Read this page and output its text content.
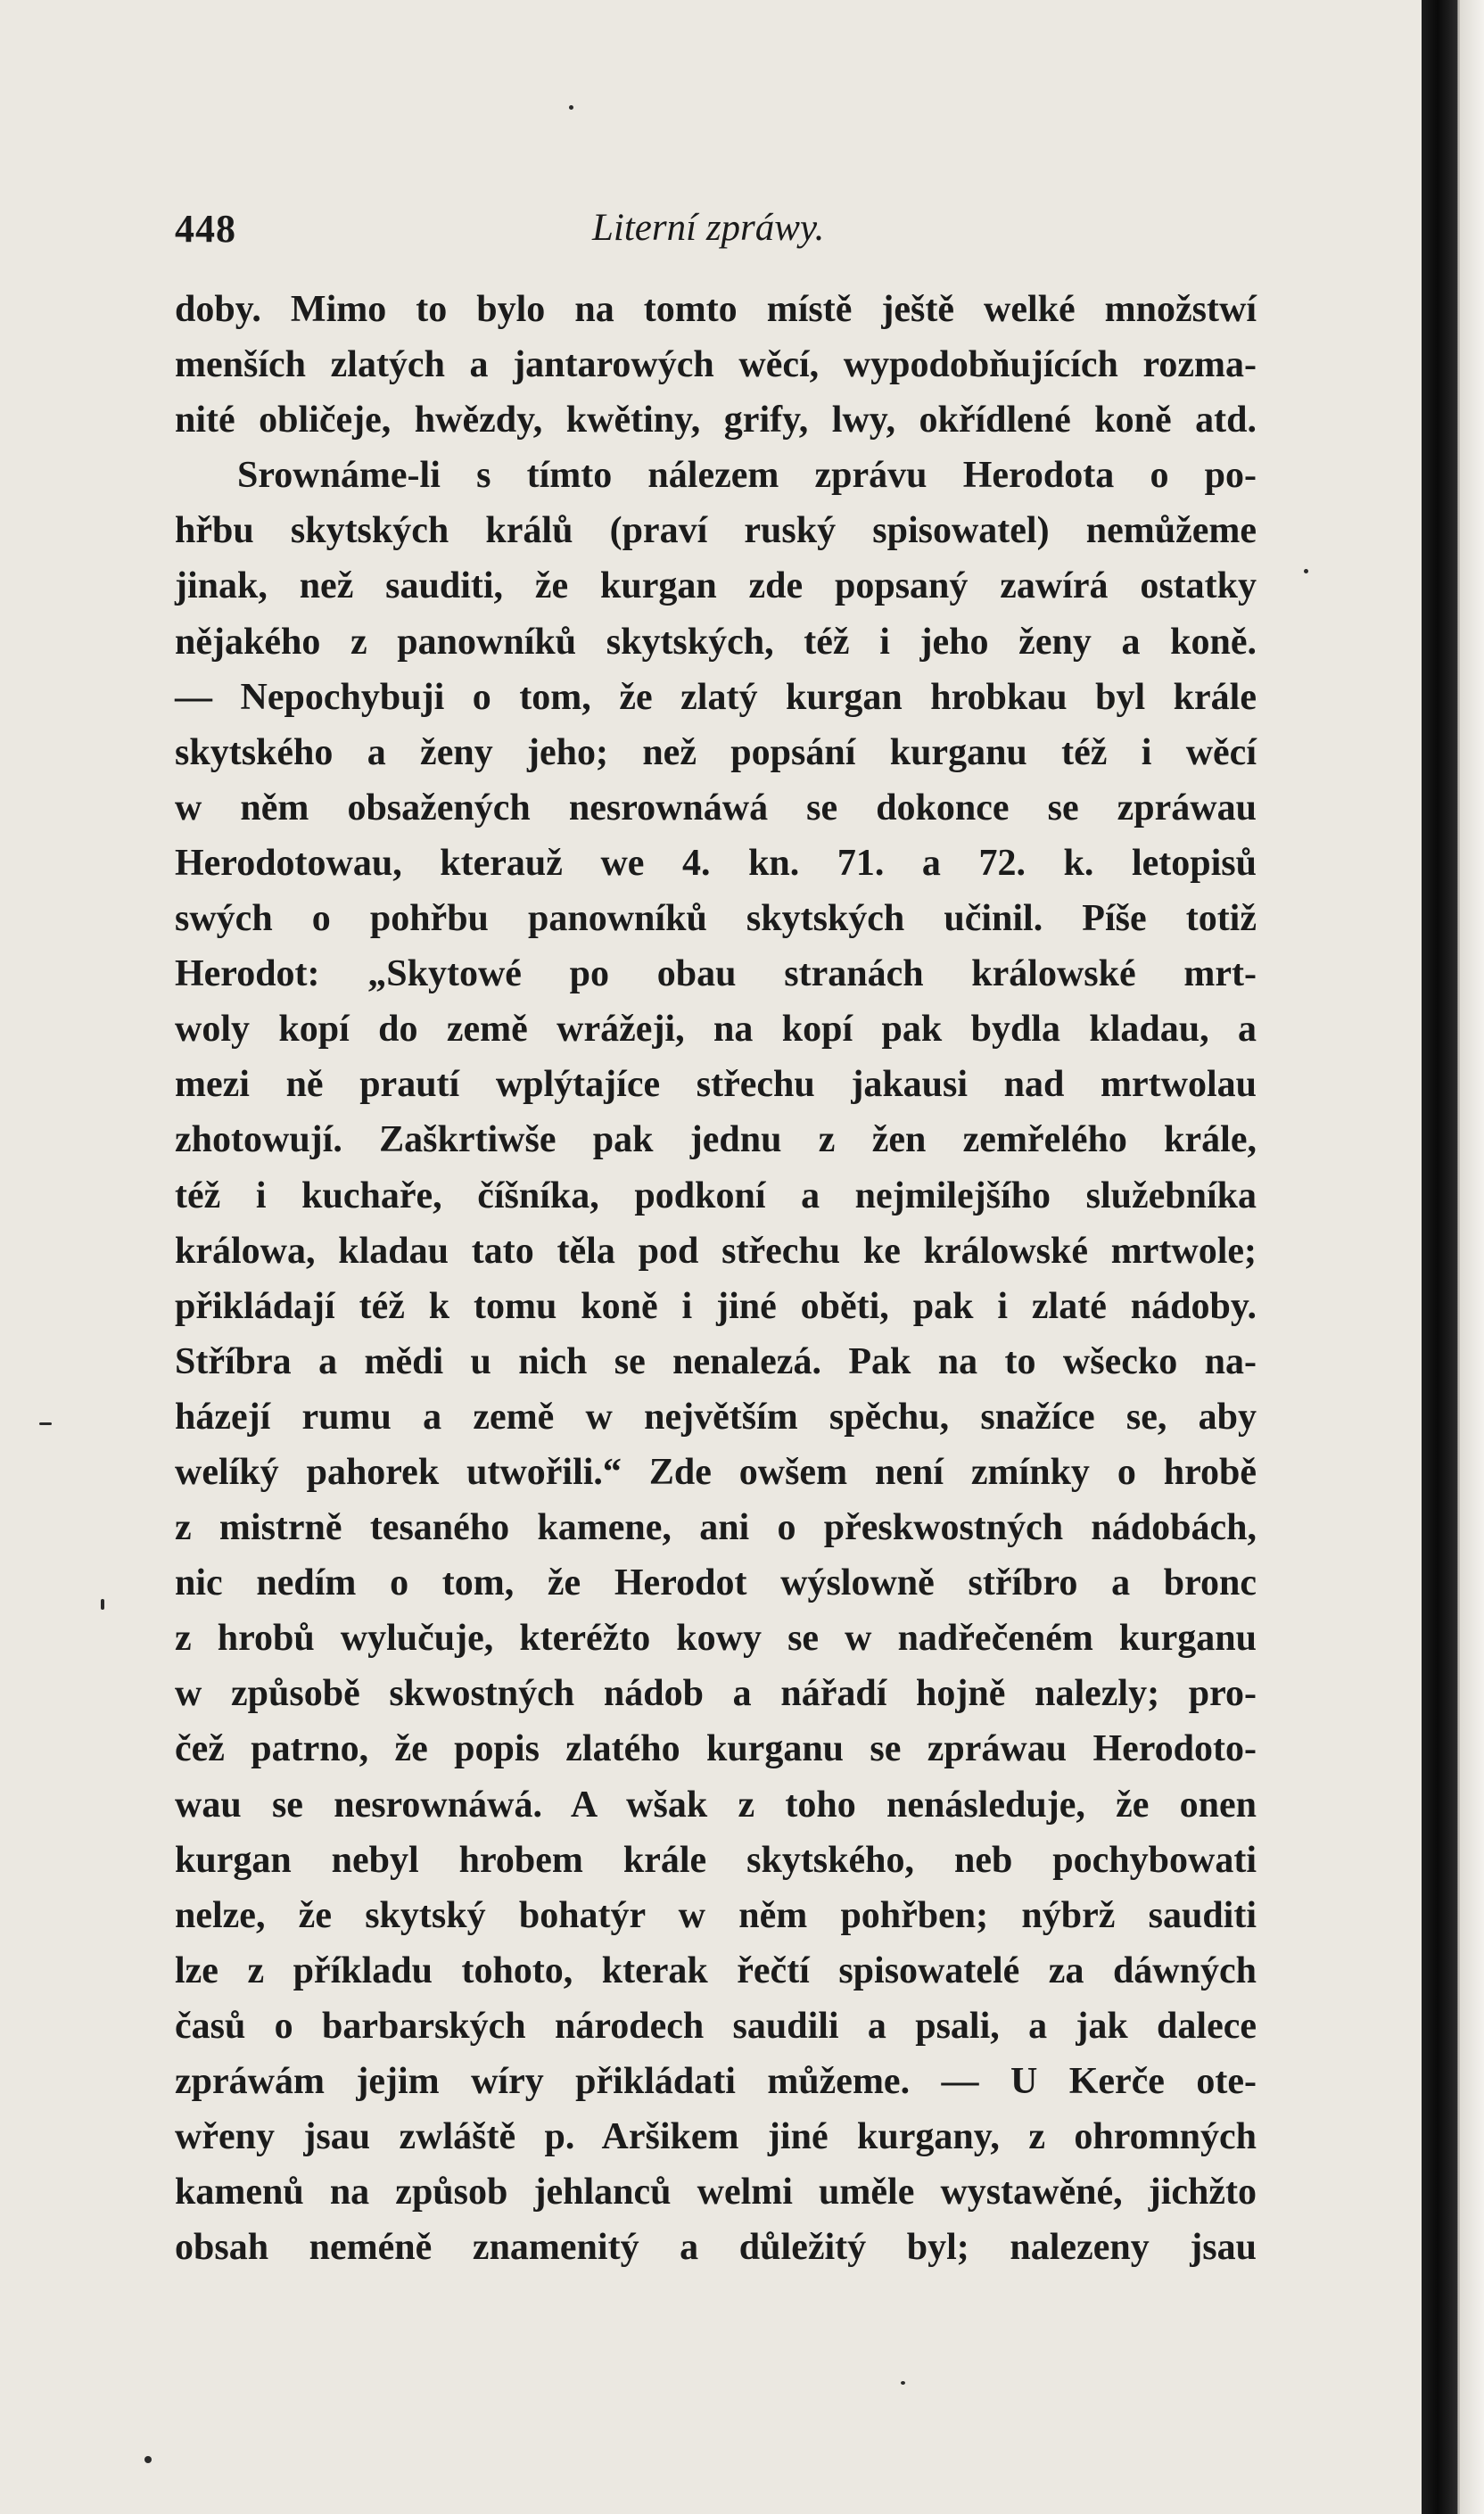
448	Literní zpráwy.
doby. Mimo to bylo na tomto místě ještě welké množstwí
menších zlatých a jantarowých wěcí, wypodobňujících rozma-
nité obličeje, hwězdy, kwětiny, grify, lwy, okřídlené koně atd.
Srownáme-li s tímto nálezem zprávu Herodota o po-
hřbu skytských králů (praví ruský spisowatel) nemůžeme
jinak, než sauditi, že kurgan zde popsaný zawírá ostatky
nějakého z panowníků skytských, též i jeho ženy a koně.
— Nepochybuji o tom, že zlatý kurgan hrobkau byl krále
skytského a ženy jeho; než popsání kurganu též i wěcí
w něm obsažených nesrownáwá se dokonce se zpráwau
Herodotowau, kterauž we 4. kn. 71. a 72. k. letopisů
swých o pohřbu panowníků skytských učinil. Píše totiž
Herodot: „Skytowé po obau stranách králowské mrt-
woly kopí do země wrážeji, na kopí pak bydla kladau, a
mezi ně prautí wplýtajíce střechu jakausi nad mrtwolau
zhotowují. Zaškrtiwše pak jednu z žen zemřelého krále,
též i kuchaře, číšníka, podkoní a nejmilejšího služebníka
králowa, kladau tato těla pod střechu ke králowské mrtwole;
přikládají též k tomu koně i jiné oběti, pak i zlaté nádoby.
Stříbra a mědi u nich se nenalezá. Pak na to wšecko na-
házejí rumu a země w největším spěchu, snažíce se, aby
welíký pahorek utwořili.“ Zde owšem není zmínky o hrobě
z mistrně tesaného kamene, ani o přeskwostných nádobách,
nic nedím o tom, že Herodot wýslowně stříbro a bronc
z hrobů wylučuje, kteréžto kowy se w nadřečeném kurganu
w způsobě skwostných nádob a nářadí hojně nalezly; pro-
čež patrno, že popis zlatého kurganu se zpráwau Herodoto-
wau se nesrownáwá. A wšak z toho nenásleduje, že onen
kurgan nebyl hrobem krále skytského, neb pochybowati
nelze, že skytský bohatýr w něm pohřben; nýbrž sauditi
lze z příkladu tohoto, kterak řečtí spisowatelé za dáwných
časů o barbarských národech saudili a psali, a jak dalece
zpráwám jejim wíry přikládati můžeme. — U Kerče ote-
wřeny jsau zwláště p. Aršikem jiné kurgany, z ohromných
kamenů na způsob jehlanců welmi uměle wystawěné, jichžto
obsah neméně znamenitý a důležitý byl; nalezeny jsau
